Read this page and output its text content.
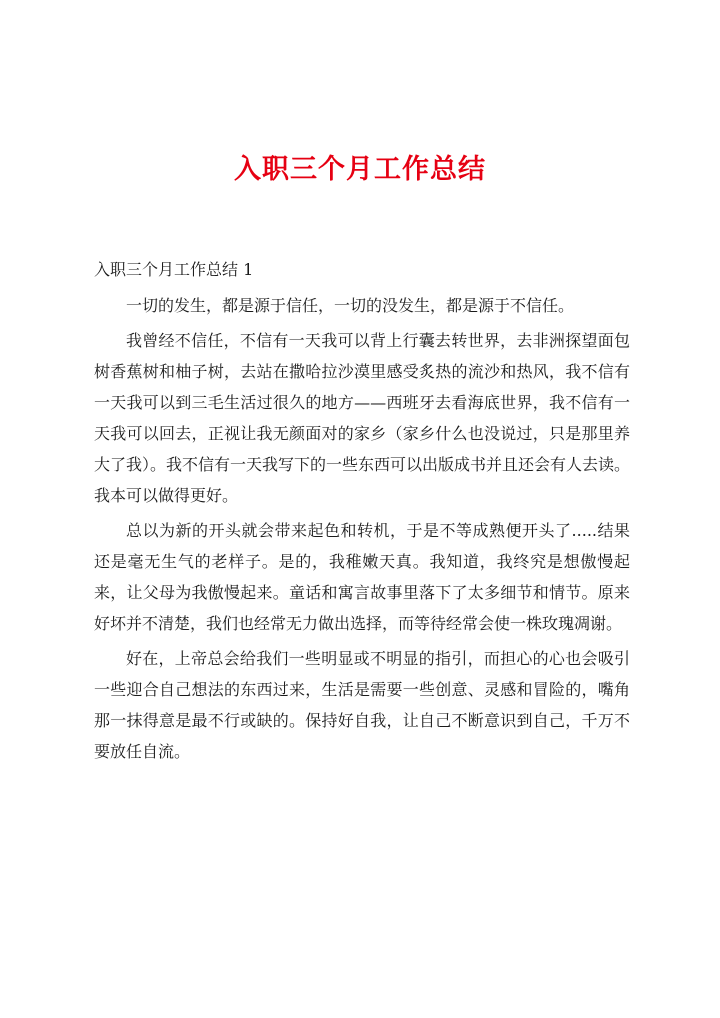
入职三个月工作总结
入职三个月工作总结 1

一切的发生，都是源于信任，一切的没发生，都是源于不信任。

我曾经不信任，不信有一天我可以背上行囊去转世界，去非洲探望面包树香蕉树和柚子树，去站在撒哈拉沙漠里感受炙热的流沙和热风，我不信有一天我可以到三毛生活过很久的地方——西班牙去看海底世界，我不信有一天我可以回去，正视让我无颜面对的家乡（家乡什么也没说过，只是那里养大了我）。我不信有一天我写下的一些东西可以出版成书并且还会有人去读。我本可以做得更好。

总以为新的开头就会带来起色和转机，于是不等成熟便开头了.....结果还是毫无生气的老样子。是的，我稚嫩天真。我知道，我终究是想傲慢起来，让父母为我傲慢起来。童话和寓言故事里落下了太多细节和情节。原来好坏并不清楚，我们也经常无力做出选择，而等待经常会使一株玫瑰凋谢。

好在，上帝总会给我们一些明显或不明显的指引，而担心的心也会吸引一些迎合自己想法的东西过来，生活是需要一些创意、灵感和冒险的，嘴角那一抹得意是最不行或缺的。保持好自我，让自己不断意识到自己，千万不要放任自流。
